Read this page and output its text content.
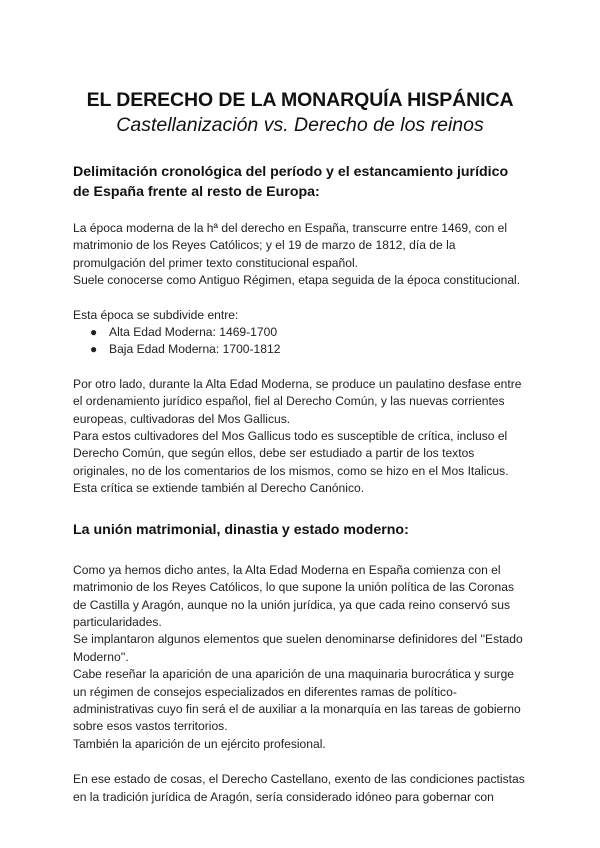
EL DERECHO DE LA MONARQUÍA HISPÁNICA
Castellanización vs. Derecho de los reinos
Delimitación cronológica del período y el estancamiento jurídico de España frente al resto de Europa:

La época moderna de la hª del derecho en España, transcurre entre 1469, con el matrimonio de los Reyes Católicos; y el 19 de marzo de 1812, día de la promulgación del primer texto constitucional español.

Suele conocerse como Antiguo Régimen, etapa seguida de la época constitucional.

Esta época se subdivide entre:

● Alta Edad Moderna: 1469-1700
● Baja Edad Moderna: 1700-1812

Por otro lado, durante la Alta Edad Moderna, se produce un paulatino desfase entre el ordenamiento jurídico español, fiel al Derecho Común, y las nuevas corrientes europeas, cultivadoras del Mos Gallicus.

Para estos cultivadores del Mos Gallicus todo es susceptible de crítica, incluso el Derecho Común, que según ellos, debe ser estudiado a partir de los textos originales, no de los comentarios de los mismos, como se hizo en el Mos Italicus. Esta crítica se extiende también al Derecho Canónico.

La unión matrimonial, dinastia y estado moderno:

Como ya hemos dicho antes, la Alta Edad Moderna en España comienza con el matrimonio de los Reyes Católicos, lo que supone la unión política de las Coronas de Castilla y Aragón, aunque no la unión jurídica, ya que cada reino conservó sus particularidades.

Se implantaron algunos elementos que suelen denominarse definidores del ''Estado Moderno''.

Cabe reseñar la aparición de una aparición de una maquinaria burocrática y surge un régimen de consejos especializados en diferentes ramas de político-administrativas cuyo fin será el de auxiliar a la monarquía en las tareas de gobierno sobre esos vastos territorios.

También la aparición de un ejército profesional.

En ese estado de cosas, el Derecho Castellano, exento de las condiciones pactistas en la tradición jurídica de Aragón, sería considerado idóneo para gobernar con
